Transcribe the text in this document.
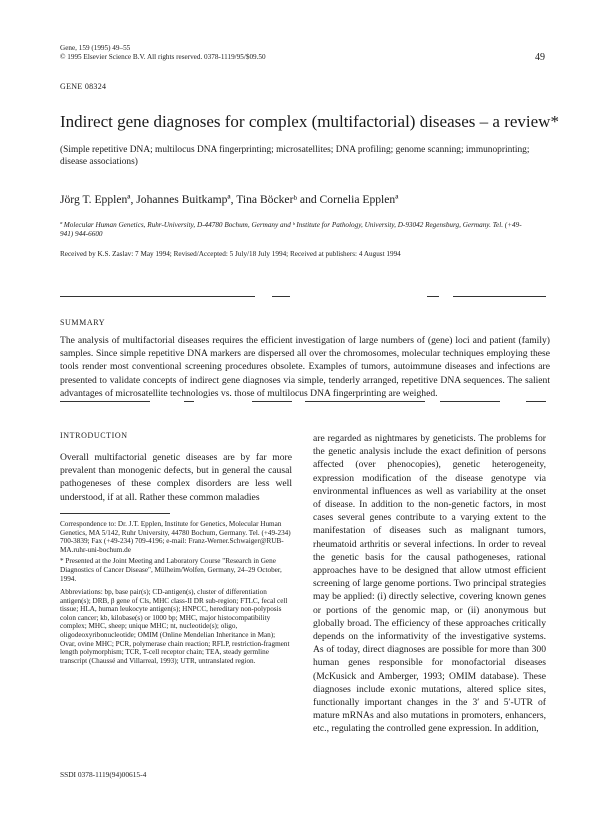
Gene, 159 (1995) 49–55

© 1995 Elsevier Science B.V. All rights reserved. 0378-1119/95/$09.50	49
GENE 08324
Indirect gene diagnoses for complex (multifactorial) diseases – a review*
(Simple repetitive DNA; multilocus DNA fingerprinting; microsatellites; DNA profiling; genome scanning; immunoprinting; disease associations)
Jörg T. Epplenª, Johannes Buitkampª, Tina Böckerᵇ and Cornelia Epplenª
ª Molecular Human Genetics, Ruhr-University, D-44780 Bochum, Germany and ᵇ Institute for Pathology, University, D-93042 Regensburg, Germany. Tel. (+49-941) 944-6600
Received by K.S. Zaslav: 7 May 1994; Revised/Accepted: 5 July/18 July 1994; Received at publishers: 4 August 1994
SUMMARY
The analysis of multifactorial diseases requires the efficient investigation of large numbers of (gene) loci and patient (family) samples. Since simple repetitive DNA markers are dispersed all over the chromosomes, molecular techniques employing these tools render most conventional screening procedures obsolete. Examples of tumors, autoimmune diseases and infections are presented to validate concepts of indirect gene diagnoses via simple, tenderly arranged, repetitive DNA sequences. The salient advantages of microsatellite technologies vs. those of multilocus DNA fingerprinting are weighed.
INTRODUCTION
Overall multifactorial genetic diseases are by far more prevalent than monogenic defects, but in general the causal pathogeneses of these complex disorders are less well understood, if at all. Rather these common maladies
are regarded as nightmares by geneticists. The problems for the genetic analysis include the exact definition of persons affected (over phenocopies), genetic heterogeneity, expression modification of the disease genotype via environmental influences as well as variability at the onset of disease. In addition to the non-genetic factors, in most cases several genes contribute to a varying extent to the manifestation of diseases such as malignant tumors, rheumatoid arthritis or several infections. In order to reveal the genetic basis for the causal pathogeneses, rational approaches have to be designed that allow utmost efficient screening of large genome portions. Two principal strategies may be applied: (i) directly selective, covering known genes or portions of the genomic map, or (ii) anonymous but globally broad. The efficiency of these approaches critically depends on the informativity of the investigative systems. As of today, direct diagnoses are possible for more than 300 human genes responsible for monofactorial diseases (McKusick and Amberger, 1993; OMIM database). These diagnoses include exonic mutations, altered splice sites, functionally important changes in the 3′ and 5′-UTR of mature mRNAs and also mutations in promoters, enhancers, etc., regulating the controlled gene expression. In addition,

Correspondence to: Dr. J.T. Epplen, Institute for Genetics, Molecular Human Genetics, MA 5/142, Ruhr University, 44780 Bochum, Germany. Tel. (+49-234) 700-3839; Fax (+49-234) 709-4196; e-mail: Franz-Werner.Schwaiger@RUB-MA.ruhr-uni-bochum.de

* Presented at the Joint Meeting and Laboratory Course "Research in Gene Diagnostics of Cancer Disease", Mülheim/Wolfen, Germany, 24–29 October, 1994.

Abbreviations: bp, base pair(s); CD-antigen(s), cluster of differentiation antigen(s); DRB, β gene of Cls, MHC class-II DR sub-region; FTLC, fecal cell tissue; HLA, human leukocyte antigen(s); HNPCC, hereditary non-polyposis colon cancer; kb, kilobase(s) or 1000 bp; MHC, major histocompatibility complex; MHC, sheep; unique MHC; nt, nucleotide(s); oligo, oligodeoxyribonucleotide; OMIM (Online Mendelian Inheritance in Man); Ovar, ovine MHC; PCR, polymerase chain reaction; RFLP, restriction-fragment length polymorphism; TCR, T-cell receptor chain; TEA, steady germline transcript (Chaussé and Villarreal, 1993); UTR, untranslated region.
SSDI 0378-1119(94)00615-4
